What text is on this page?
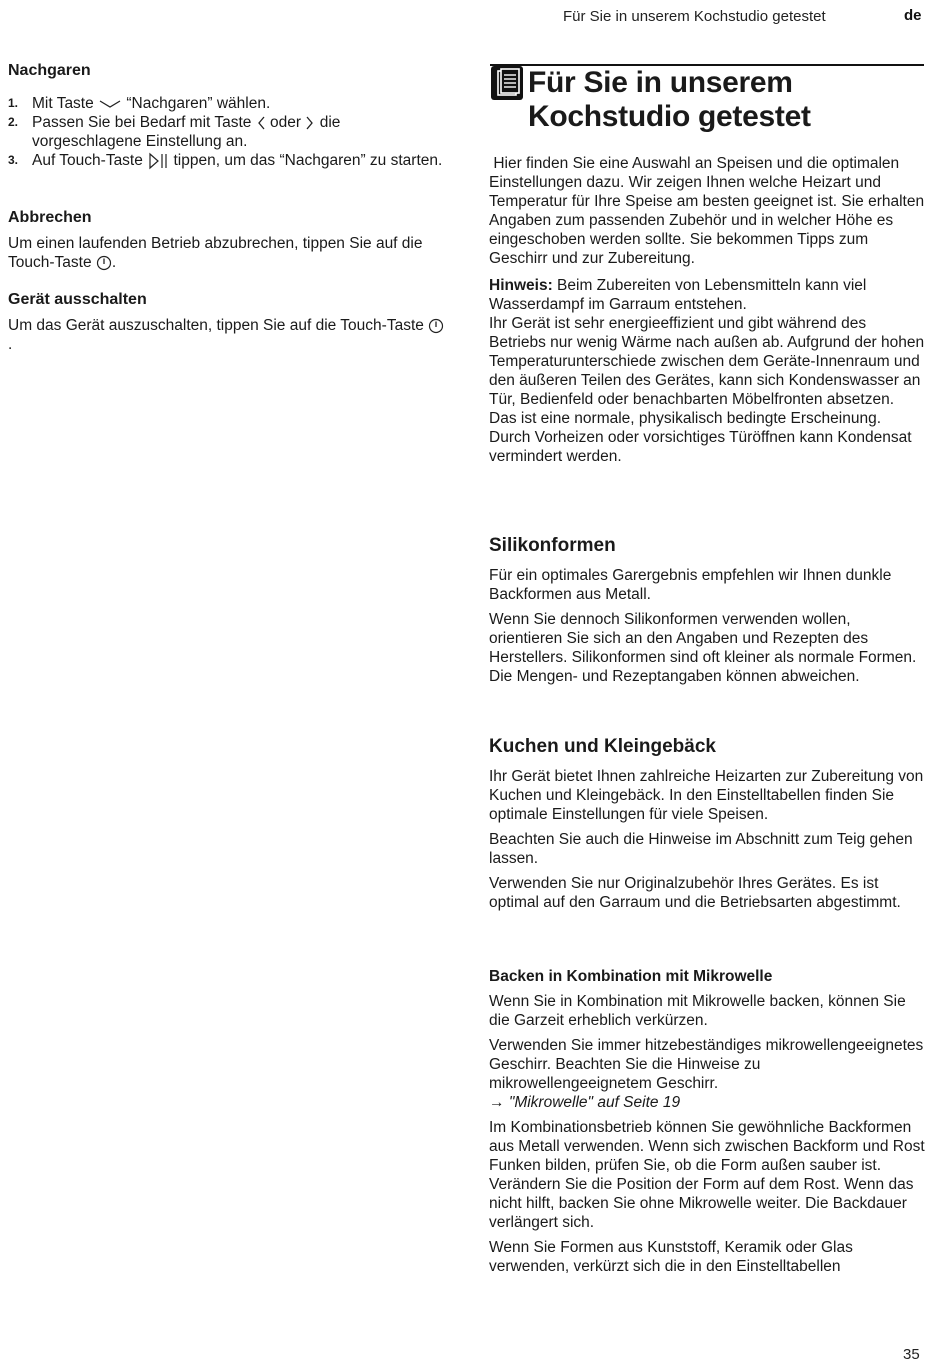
Für Sie in unserem Kochstudio getestet	de
Nachgaren
1. Mit Taste “Nachgaren” wählen.
2. Passen Sie bei Bedarf mit Taste oder die vorgeschlagene Einstellung an.
3. Auf Touch-Taste tippen, um das “Nachgaren” zu starten.
Abbrechen

Um einen laufenden Betrieb abzubrechen, tippen Sie auf die Touch-Taste .

Gerät ausschalten

Um das Gerät auszuschalten, tippen Sie auf die Touch-Taste .

Für Sie in unserem
Kochstudio getestet

Hier finden Sie eine Auswahl an Speisen und die optimalen Einstellungen dazu. Wir zeigen Ihnen welche Heizart und Temperatur für Ihre Speise am besten geeignet ist. Sie erhalten Angaben zum passenden Zubehör und in welcher Höhe es eingeschoben werden sollte. Sie bekommen Tipps zum Geschirr und zur Zubereitung.

Hinweis: Beim Zubereiten von Lebensmitteln kann viel Wasserdampf im Garraum entstehen.

Ihr Gerät ist sehr energieeffizient und gibt während des Betriebs nur wenig Wärme nach außen ab. Aufgrund der hohen Temperaturunterschiede zwischen dem Geräte-Innenraum und den äußeren Teilen des Gerätes, kann sich Kondenswasser an Tür, Bedienfeld oder benachbarten Möbelfronten absetzen. Das ist eine normale, physikalisch bedingte Erscheinung. Durch Vorheizen oder vorsichtiges Türöffnen kann Kondensat vermindert werden.

Silikonformen

Für ein optimales Garergebnis empfehlen wir Ihnen dunkle Backformen aus Metall.

Wenn Sie dennoch Silikonformen verwenden wollen, orientieren Sie sich an den Angaben und Rezepten des Herstellers. Silikonformen sind oft kleiner als normale Formen. Die Mengen- und Rezeptangaben können abweichen.

Kuchen und Kleingebäck

Ihr Gerät bietet Ihnen zahlreiche Heizarten zur Zubereitung von Kuchen und Kleingebäck. In den Einstelltabellen finden Sie optimale Einstellungen für viele Speisen.

Beachten Sie auch die Hinweise im Abschnitt zum Teig gehen lassen.

Verwenden Sie nur Originalzubehör Ihres Gerätes. Es ist optimal auf den Garraum und die Betriebsarten abgestimmt.

Backen in Kombination mit Mikrowelle

Wenn Sie in Kombination mit Mikrowelle backen, können Sie die Garzeit erheblich verkürzen.

Verwenden Sie immer hitzebeständiges mikrowellengeeignetes Geschirr. Beachten Sie die Hinweise zu mikrowellengeeignetem Geschirr.

→ "Mikrowelle" auf Seite 19

Im Kombinationsbetrieb können Sie gewöhnliche Backformen aus Metall verwenden. Wenn sich zwischen Backform und Rost Funken bilden, prüfen Sie, ob die Form außen sauber ist. Verändern Sie die Position der Form auf dem Rost. Wenn das nicht hilft, backen Sie ohne Mikrowelle weiter. Die Backdauer verlängert sich.

Wenn Sie Formen aus Kunststoff, Keramik oder Glas verwenden, verkürzt sich die in den Einstelltabellen

35
